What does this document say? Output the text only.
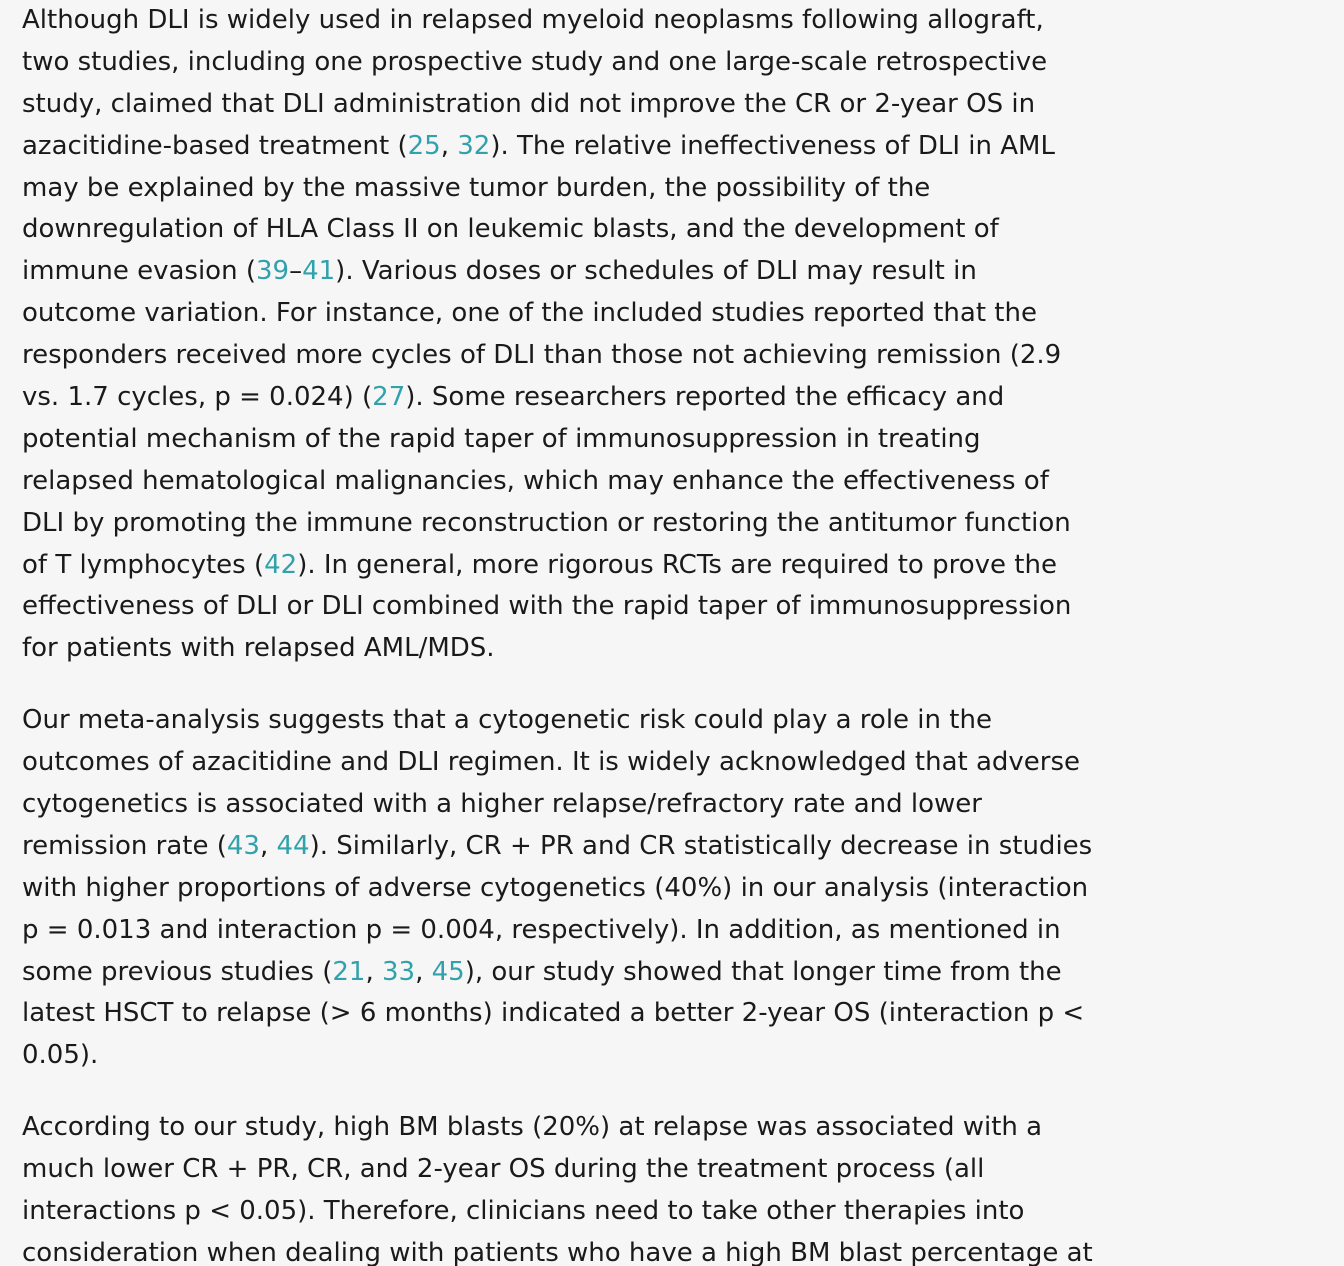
Although DLI is widely used in relapsed myeloid neoplasms following allograft,
two studies, including one prospective study and one large-scale retrospective
study, claimed that DLI administration did not improve the CR or 2-year OS in
azacitidine-based treatment (25, 32). The relative ineffectiveness of DLI in AML
may be explained by the massive tumor burden, the possibility of the
downregulation of HLA Class II on leukemic blasts, and the development of
immune evasion (39–41). Various doses or schedules of DLI may result in
outcome variation. For instance, one of the included studies reported that the
responders received more cycles of DLI than those not achieving remission (2.9
vs. 1.7 cycles, p = 0.024) (27). Some researchers reported the efficacy and
potential mechanism of the rapid taper of immunosuppression in treating
relapsed hematological malignancies, which may enhance the effectiveness of
DLI by promoting the immune reconstruction or restoring the antitumor function
of T lymphocytes (42). In general, more rigorous RCTs are required to prove the
effectiveness of DLI or DLI combined with the rapid taper of immunosuppression
for patients with relapsed AML/MDS.

Our meta-analysis suggests that a cytogenetic risk could play a role in the
outcomes of azacitidine and DLI regimen. It is widely acknowledged that adverse
cytogenetics is associated with a higher relapse/refractory rate and lower
remission rate (43, 44). Similarly, CR + PR and CR statistically decrease in studies
with higher proportions of adverse cytogenetics (40%) in our analysis (interaction
p = 0.013 and interaction p = 0.004, respectively). In addition, as mentioned in
some previous studies (21, 33, 45), our study showed that longer time from the
latest HSCT to relapse (> 6 months) indicated a better 2-year OS (interaction p <
0.05).

According to our study, high BM blasts (20%) at relapse was associated with a
much lower CR + PR, CR, and 2-year OS during the treatment process (all
interactions p < 0.05). Therefore, clinicians need to take other therapies into
consideration when dealing with patients who have a high BM blast percentage at
